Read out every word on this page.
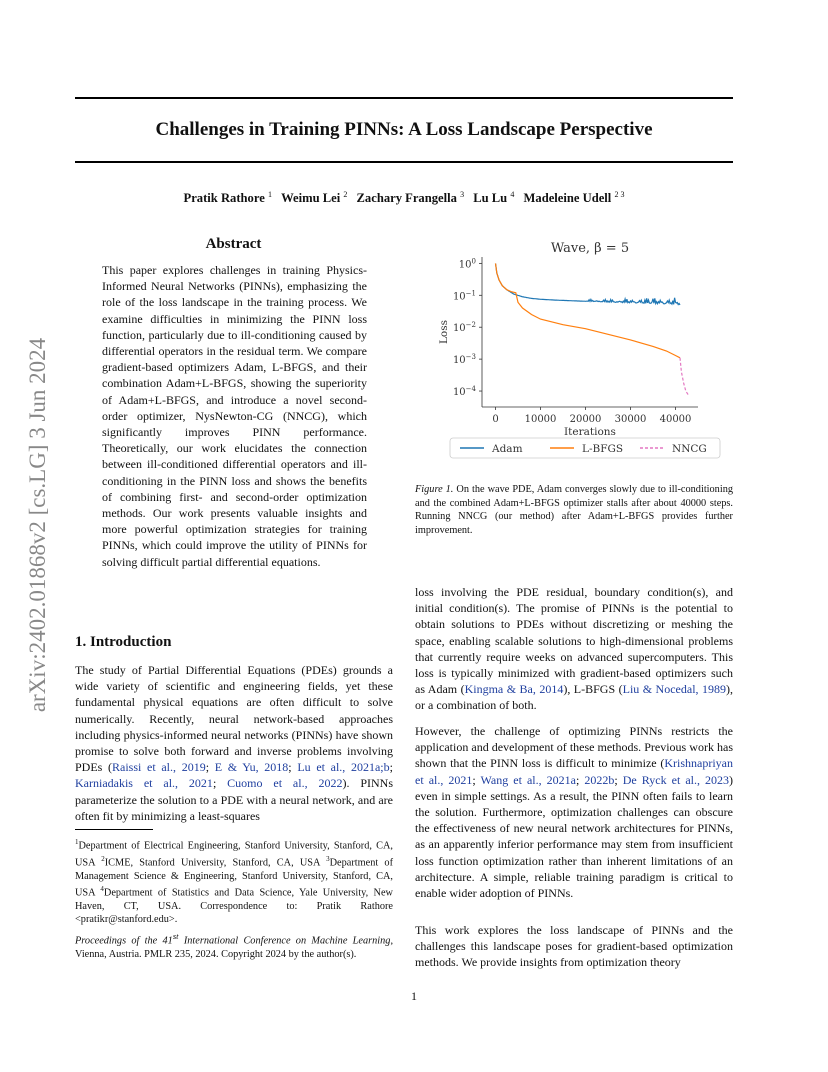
Challenges in Training PINNs: A Loss Landscape Perspective
Pratik Rathore $^1$ Weimu Lei $^2$ Zachary Frangella $^3$ Lu Lu $^4$ Madeleine Udell $^{2 3}$
arXiv:2402.01868v2 [cs.LG] 3 Jun 2024
Abstract
This paper explores challenges in training Physics-Informed Neural Networks (PINNs), emphasizing the role of the loss landscape in the training process. We examine difficulties in minimizing the PINN loss function, particularly due to ill-conditioning caused by differential operators in the residual term. We compare gradient-based optimizers Adam, L-BFGS, and their combination Adam+L-BFGS, showing the superiority of Adam+L-BFGS, and introduce a novel second-order optimizer, NysNewton-CG (NNCG), which significantly improves PINN performance. Theoretically, our work elucidates the connection between ill-conditioned differential operators and ill-conditioning in the PINN loss and shows the benefits of combining first- and second-order optimization methods. Our work presents valuable insights and more powerful optimization strategies for training PINNs, which could improve the utility of PINNs for solving difficult partial differential equations.
1. Introduction
The study of Partial Differential Equations (PDEs) grounds a wide variety of scientific and engineering fields, yet these fundamental physical equations are often difficult to solve numerically. Recently, neural network-based approaches including physics-informed neural networks (PINNs) have shown promise to solve both forward and inverse problems involving PDEs (Raissi et al., 2019; E & Yu, 2018; Lu et al., 2021a;b; Karniadakis et al., 2021; Cuomo et al., 2022). PINNs parameterize the solution to a PDE with a neural network, and are often fit by minimizing a least-squares
$^1$Department of Electrical Engineering, Stanford University, Stanford, CA, USA $^2$ICME, Stanford University, Stanford, CA, USA $^3$Department of Management Science & Engineering, Stanford University, Stanford, CA, USA $^4$Department of Statistics and Data Science, Yale University, New Haven, CT, USA. Correspondence to: Pratik Rathore <pratikr@stanford.edu>.
Proceedings of the 41st International Conference on Machine Learning, Vienna, Austria. PMLR 235, 2024. Copyright 2024 by the author(s).
Wave, β = 5
$10^0$
$10^{-1}$
$10^{-2}$
$10^{-3}$
$10^{-4}$
0	10000 20000 30000 40000
Iterations
Loss
Adam	L-BFGS	NNCG
Figure 1. On the wave PDE, Adam converges slowly due to ill-conditioning and the combined Adam+L-BFGS optimizer stalls after about 40000 steps. Running NNCG (our method) after Adam+L-BFGS provides further improvement.
loss involving the PDE residual, boundary condition(s), and initial condition(s). The promise of PINNs is the potential to obtain solutions to PDEs without discretizing or meshing the space, enabling scalable solutions to high-dimensional problems that currently require weeks on advanced supercomputers. This loss is typically minimized with gradient-based optimizers such as Adam (Kingma & Ba, 2014), L-BFGS (Liu & Nocedal, 1989), or a combination of both.
However, the challenge of optimizing PINNs restricts the application and development of these methods. Previous work has shown that the PINN loss is difficult to minimize (Krishnapriyan et al., 2021; Wang et al., 2021a; 2022b; De Ryck et al., 2023) even in simple settings. As a result, the PINN often fails to learn the solution. Furthermore, optimization challenges can obscure the effectiveness of new neural network architectures for PINNs, as an apparently inferior performance may stem from insufficient loss function optimization rather than inherent limitations of an architecture. A simple, reliable training paradigm is critical to enable wider adoption of PINNs.
This work explores the loss landscape of PINNs and the challenges this landscape poses for gradient-based optimization methods. We provide insights from optimization theory
1
